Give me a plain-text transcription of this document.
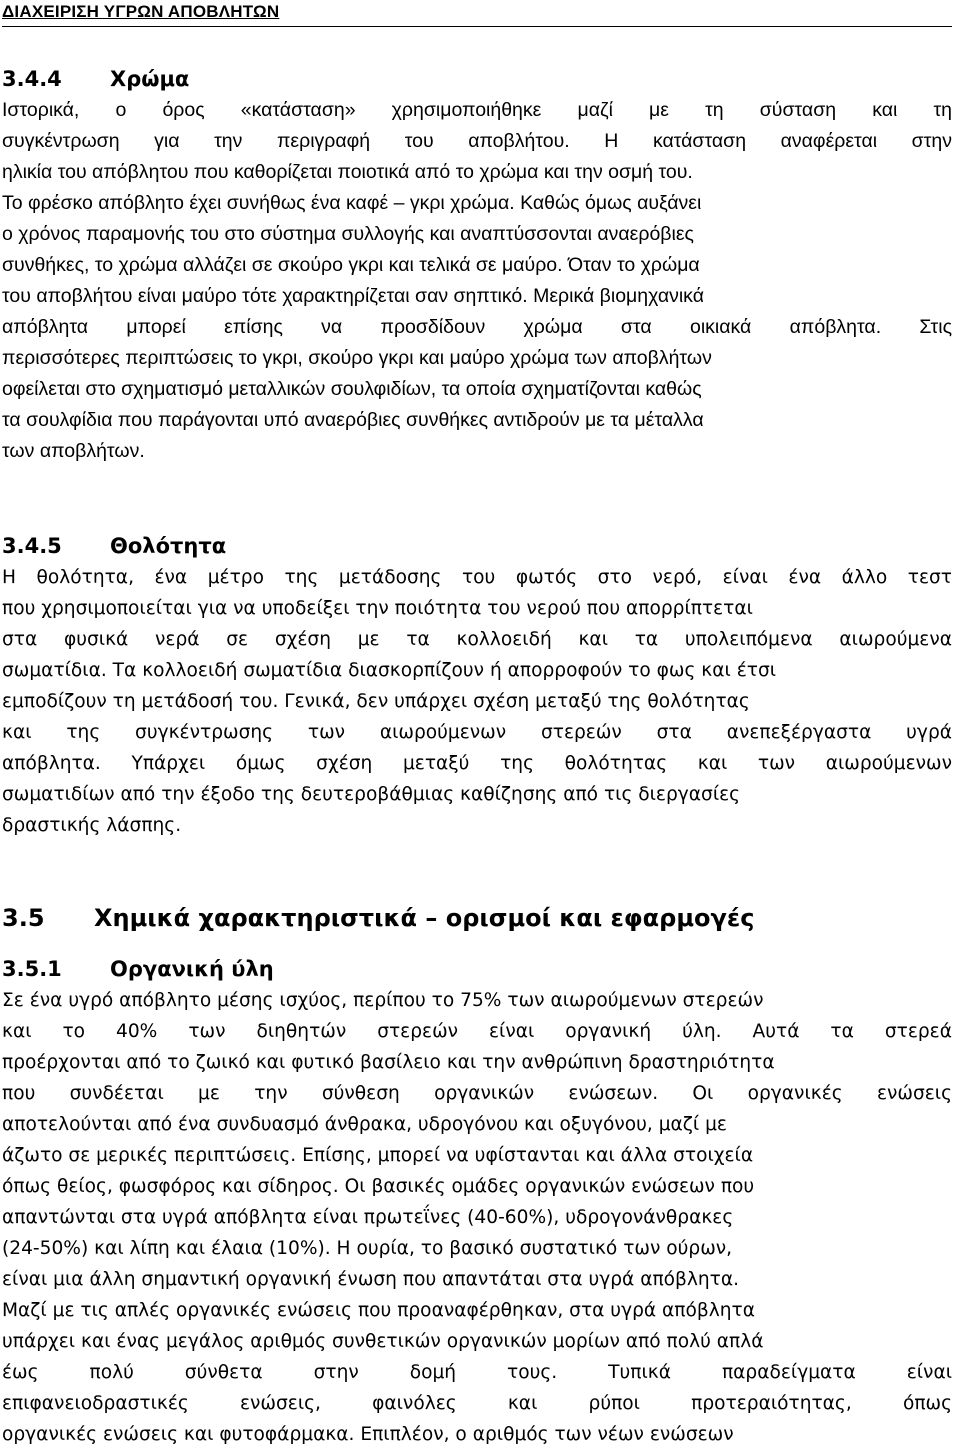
ΔΙΑΧΕΙΡΙΣΗ ΥΓΡΩΝ ΑΠΟΒΛΗΤΩΝ
3.4.4 Χρώμα
Ιστορικά, ο όρος «κατάσταση» χρησιμοποιήθηκε μαζί με τη σύσταση και τη
συγκέντρωση για την περιγραφή του αποβλήτου. Η κατάσταση αναφέρεται στην
ηλικία του απόβλητου που καθορίζεται ποιοτικά από το χρώμα και την οσμή του.
Το φρέσκο απόβλητο έχει συνήθως ένα καφέ – γκρι χρώμα. Καθώς όμως αυξάνει
ο χρόνος παραμονής του στο σύστημα συλλογής και αναπτύσσονται αναερόβιες
συνθήκες, το χρώμα αλλάζει σε σκούρο γκρι και τελικά σε μαύρο. Όταν το χρώμα
του αποβλήτου είναι μαύρο τότε χαρακτηρίζεται σαν σηπτικό. Μερικά βιομηχανικά
απόβλητα μπορεί επίσης να προσδίδουν χρώμα στα οικιακά απόβλητα. Στις
περισσότερες περιπτώσεις το γκρι, σκούρο γκρι και μαύρο χρώμα των αποβλήτων
οφείλεται στο σχηματισμό μεταλλικών σουλφιδίων, τα οποία σχηματίζονται καθώς
τα σουλφίδια που παράγονται υπό αναερόβιες συνθήκες αντιδρούν με τα μέταλλα
των αποβλήτων.
3.4.5 Θολότητα
Η θολότητα, ένα μέτρο της μετάδοσης του φωτός στο νερό, είναι ένα άλλο τεστ
που χρησιμοποιείται για να υποδείξει την ποιότητα του νερού που απορρίπτεται
στα φυσικά νερά σε σχέση με τα κολλοειδή και τα υπολειπόμενα αιωρούμενα
σωματίδια. Τα κολλοειδή σωματίδια διασκορπίζουν ή απορροφούν το φως και έτσι
εμποδίζουν τη μετάδοσή του. Γενικά, δεν υπάρχει σχέση μεταξύ της θολότητας
και της συγκέντρωσης των αιωρούμενων στερεών στα ανεπεξέργαστα υγρά
απόβλητα. Υπάρχει όμως σχέση μεταξύ της θολότητας και των αιωρούμενων
σωματιδίων από την έξοδο της δευτεροβάθμιας καθίζησης από τις διεργασίες
δραστικής λάσπης.
3.5 Χημικά χαρακτηριστικά – ορισμοί και εφαρμογές
3.5.1 Οργανική ύλη
Σε ένα υγρό απόβλητο μέσης ισχύος, περίπου το 75% των αιωρούμενων στερεών
και το 40% των διηθητών στερεών είναι οργανική ύλη. Αυτά τα στερεά
προέρχονται από το ζωικό και φυτικό βασίλειο και την ανθρώπινη δραστηριότητα
που συνδέεται με την σύνθεση οργανικών ενώσεων. Οι οργανικές ενώσεις
αποτελούνται από ένα συνδυασμό άνθρακα, υδρογόνου και οξυγόνου, μαζί με
άζωτο σε μερικές περιπτώσεις. Επίσης, μπορεί να υφίστανται και άλλα στοιχεία
όπως θείος, φωσφόρος και σίδηρος. Οι βασικές ομάδες οργανικών ενώσεων που
απαντώνται στα υγρά απόβλητα είναι πρωτεΐνες (40-60%), υδρογονάνθρακες
(24-50%) και λίπη και έλαια (10%). Η ουρία, το βασικό συστατικό των ούρων,
είναι μια άλλη σημαντική οργανική ένωση που απαντάται στα υγρά απόβλητα.
Μαζί με τις απλές οργανικές ενώσεις που προαναφέρθηκαν, στα υγρά απόβλητα
υπάρχει και ένας μεγάλος αριθμός συνθετικών οργανικών μορίων από πολύ απλά
έως πολύ σύνθετα στην δομή τους. Τυπικά παραδείγματα είναι
επιφανειοδραστικές ενώσεις, φαινόλες και ρύποι προτεραιότητας, όπως
οργανικές ενώσεις και φυτοφάρμακα. Επιπλέον, ο αριθμός των νέων ενώσεων
